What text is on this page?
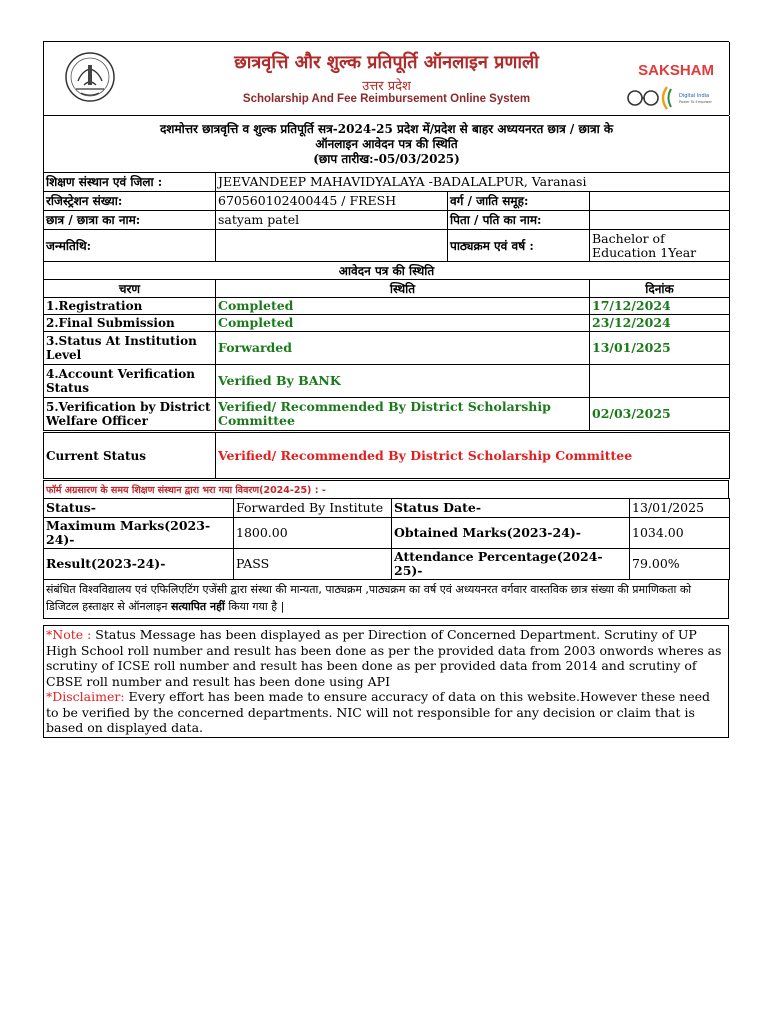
छात्रवृत्ति और शुल्क प्रतिपूर्ति ऑनलाइन प्रणाली
उत्तर प्रदेश
Scholarship And Fee Reimbursement Online System
SAKSHAM
Digital India
Power To Empower
दशमोत्तर छात्रवृत्ति व शुल्क प्रतिपूर्ति सत्र-2024-25 प्रदेश में/प्रदेश से बाहर अध्ययनरत छात्र / छात्रा के
ऑनलाइन आवेदन पत्र की स्थिति
(छाप तारीख:-05/03/2025)			

शिक्षण संस्थान एवं जिला :	JEEVANDEEP MAHAVIDYALAYA -BADALALPUR, Varanasi		
रजिस्ट्रेशन संख्या:	670560102400445 / FRESH	वर्ग / जाति समूह:	
छात्र / छात्रा का नाम:	satyam patel	पिता / पति का नाम:	
जन्मतिथि:		पाठ्यक्रम एवं वर्ष :	Bachelor of Education 1Year
आवेदन पत्र की स्थिति			
चरण	स्थिति		दिनांक
1.Registration	Completed		17/12/2024
2.Final Submission	Completed		23/12/2024
3.Status At Institution Level	Forwarded		13/01/2025
4.Account Verification Status	Verified By BANK		
5.Verification by District Welfare Officer	Verified/ Recommended By District Scholarship Committee		02/03/2025
Current Status	Verified/ Recommended By District Scholarship Committee		
फॉर्म अग्रसारण के समय शिक्षण संस्थान द्वारा भरा गया विवरण(2024-25) : -
Status-	Forwarded By Institute	Status Date-	13/01/2025
Maximum Marks(2023-24)-	1800.00	Obtained Marks(2023-24)-	1034.00
Result(2023-24)-	PASS	Attendance Percentage(2024-25)-	79.00%
संबंधित विश्वविद्यालय एवं एफिलिएटिंग एजेंसी द्वारा संस्था की मान्यता, पाठ्यक्रम ,पाठ्यक्रम का वर्ष एवं अध्ययनरत वर्गवार वास्तविक छात्र संख्या की प्रमाणिकता को डिजिटल हस्ताक्षर से ऑनलाइन सत्यापित नहीं किया गया है |
*Note : Status Message has been displayed as per Direction of Concerned Department. Scrutiny of UP High School roll number and result has been done as per the provided data from 2003 onwords wheres as scrutiny of ICSE roll number and result has been done as per provided data from 2014 and scrutiny of CBSE roll number and result has been done using API
*Disclaimer: Every effort has been made to ensure accuracy of data on this website.However these need to be verified by the concerned departments. NIC will not responsible for any decision or claim that is based on displayed data.
